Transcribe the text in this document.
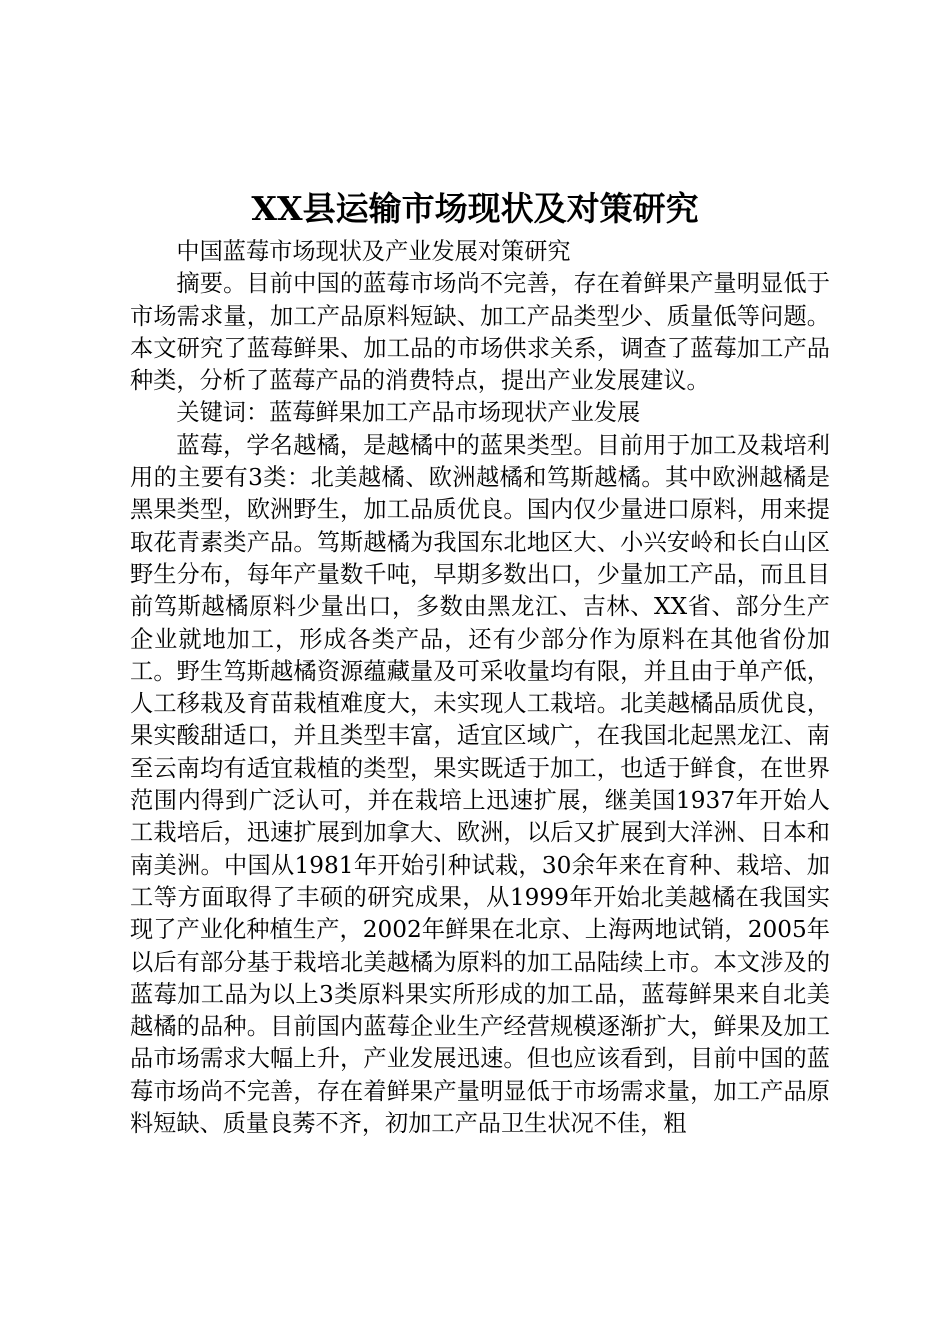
XX县运输市场现状及对策研究

中国蓝莓市场现状及产业发展对策研究

摘要。目前中国的蓝莓市场尚不完善，存在着鲜果产量明显低于市场需求量，加工产品原料短缺、加工产品类型少、质量低等问题。本文研究了蓝莓鲜果、加工品的市场供求关系，调查了蓝莓加工产品种类，分析了蓝莓产品的消费特点，提出产业发展建议。

关键词：蓝莓鲜果加工产品市场现状产业发展

蓝莓，学名越橘，是越橘中的蓝果类型。目前用于加工及栽培利用的主要有3类：北美越橘、欧洲越橘和笃斯越橘。其中欧洲越橘是黑果类型，欧洲野生，加工品质优良。国内仅少量进口原料，用来提取花青素类产品。笃斯越橘为我国东北地区大、小兴安岭和长白山区野生分布，每年产量数千吨，早期多数出口，少量加工产品，而且目前笃斯越橘原料少量出口，多数由黑龙江、吉林、XX省、部分生产企业就地加工，形成各类产品，还有少部分作为原料在其他省份加工。野生笃斯越橘资源蕴藏量及可采收量均有限，并且由于单产低，人工移栽及育苗栽植难度大，未实现人工栽培。北美越橘品质优良，果实酸甜适口，并且类型丰富，适宜区域广，在我国北起黑龙江、南至云南均有适宜栽植的类型，果实既适于加工，也适于鲜食，在世界范围内得到广泛认可，并在栽培上迅速扩展，继美国1937年开始人工栽培后，迅速扩展到加拿大、欧洲，以后又扩展到大洋洲、日本和南美洲。中国从1981年开始引种试栽，30余年来在育种、栽培、加工等方面取得了丰硕的研究成果，从1999年开始北美越橘在我国实现了产业化种植生产，2002年鲜果在北京、上海两地试销，2005年以后有部分基于栽培北美越橘为原料的加工品陆续上市。本文涉及的蓝莓加工品为以上3类原料果实所形成的加工品，蓝莓鲜果来自北美越橘的品种。目前国内蓝莓企业生产经营规模逐渐扩大，鲜果及加工品市场需求大幅上升，产业发展迅速。但也应该看到，目前中国的蓝莓市场尚不完善，存在着鲜果产量明显低于市场需求量，加工产品原料短缺、质量良莠不齐，初加工产品卫生状况不佳，粗
